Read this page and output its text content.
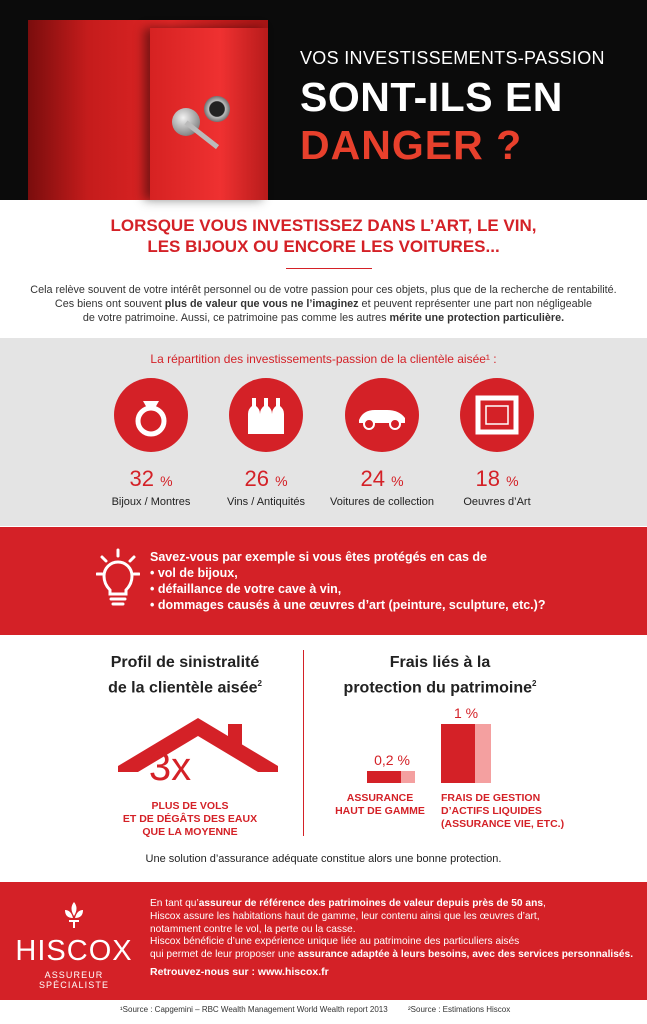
VOS INVESTISSEMENTS-PASSION
SONT-ILS EN
DANGER ?
LORSQUE VOUS INVESTISSEZ DANS L’ART, LE VIN,
LES BIJOUX OU ENCORE LES VOITURES...
Cela relève souvent de votre intérêt personnel ou de votre passion pour ces objets, plus que de la recherche de rentabilité.
Ces biens ont souvent plus de valeur que vous ne l’imaginez et peuvent représenter une part non négligeable
de votre patrimoine. Aussi, ce patrimoine pas comme les autres mérite une protection particulière.
La répartition des investissements-passion de la clientèle aisée¹ :
32 %
Bijoux / Montres
26 %
Vins / Antiquités
24 %
Voitures de collection
18 %
Oeuvres d’Art
Savez-vous par exemple si vous êtes protégés en cas de
• vol de bijoux,
• défaillance de votre cave à vin,
• dommages causés à une œuvres d’art (peinture, sculpture, etc.)?
Profil de sinistralité
de la clientèle aisée$^2$
3x
PLUS DE VOLS
ET DE DÉGÂTS DES EAUX
QUE LA MOYENNE
Frais liés à la
protection du patrimoine$^2$
1 %
0,2 %
ASSURANCE
HAUT DE GAMME
FRAIS DE GESTION
D’ACTIFS LIQUIDES
(ASSURANCE VIE, ETC.)
Une solution d’assurance adéquate constitue alors une bonne protection.
HISCOX
ASSUREUR SPÉCIALISTE
En tant qu’assureur de référence des patrimoines de valeur depuis près de 50 ans,
Hiscox assure les habitations haut de gamme, leur contenu ainsi que les œuvres d’art,
notamment contre le vol, la perte ou la casse.
Hiscox bénéficie d’une expérience unique liée au patrimoine des particuliers aisés
qui permet de leur proposer une assurance adaptée à leurs besoins, avec des services personnalisés.
Retrouvez-nous sur : www.hiscox.fr
¹Source : Capgemini – RBC Wealth Management World Wealth report 2013	²Source : Estimations Hiscox
